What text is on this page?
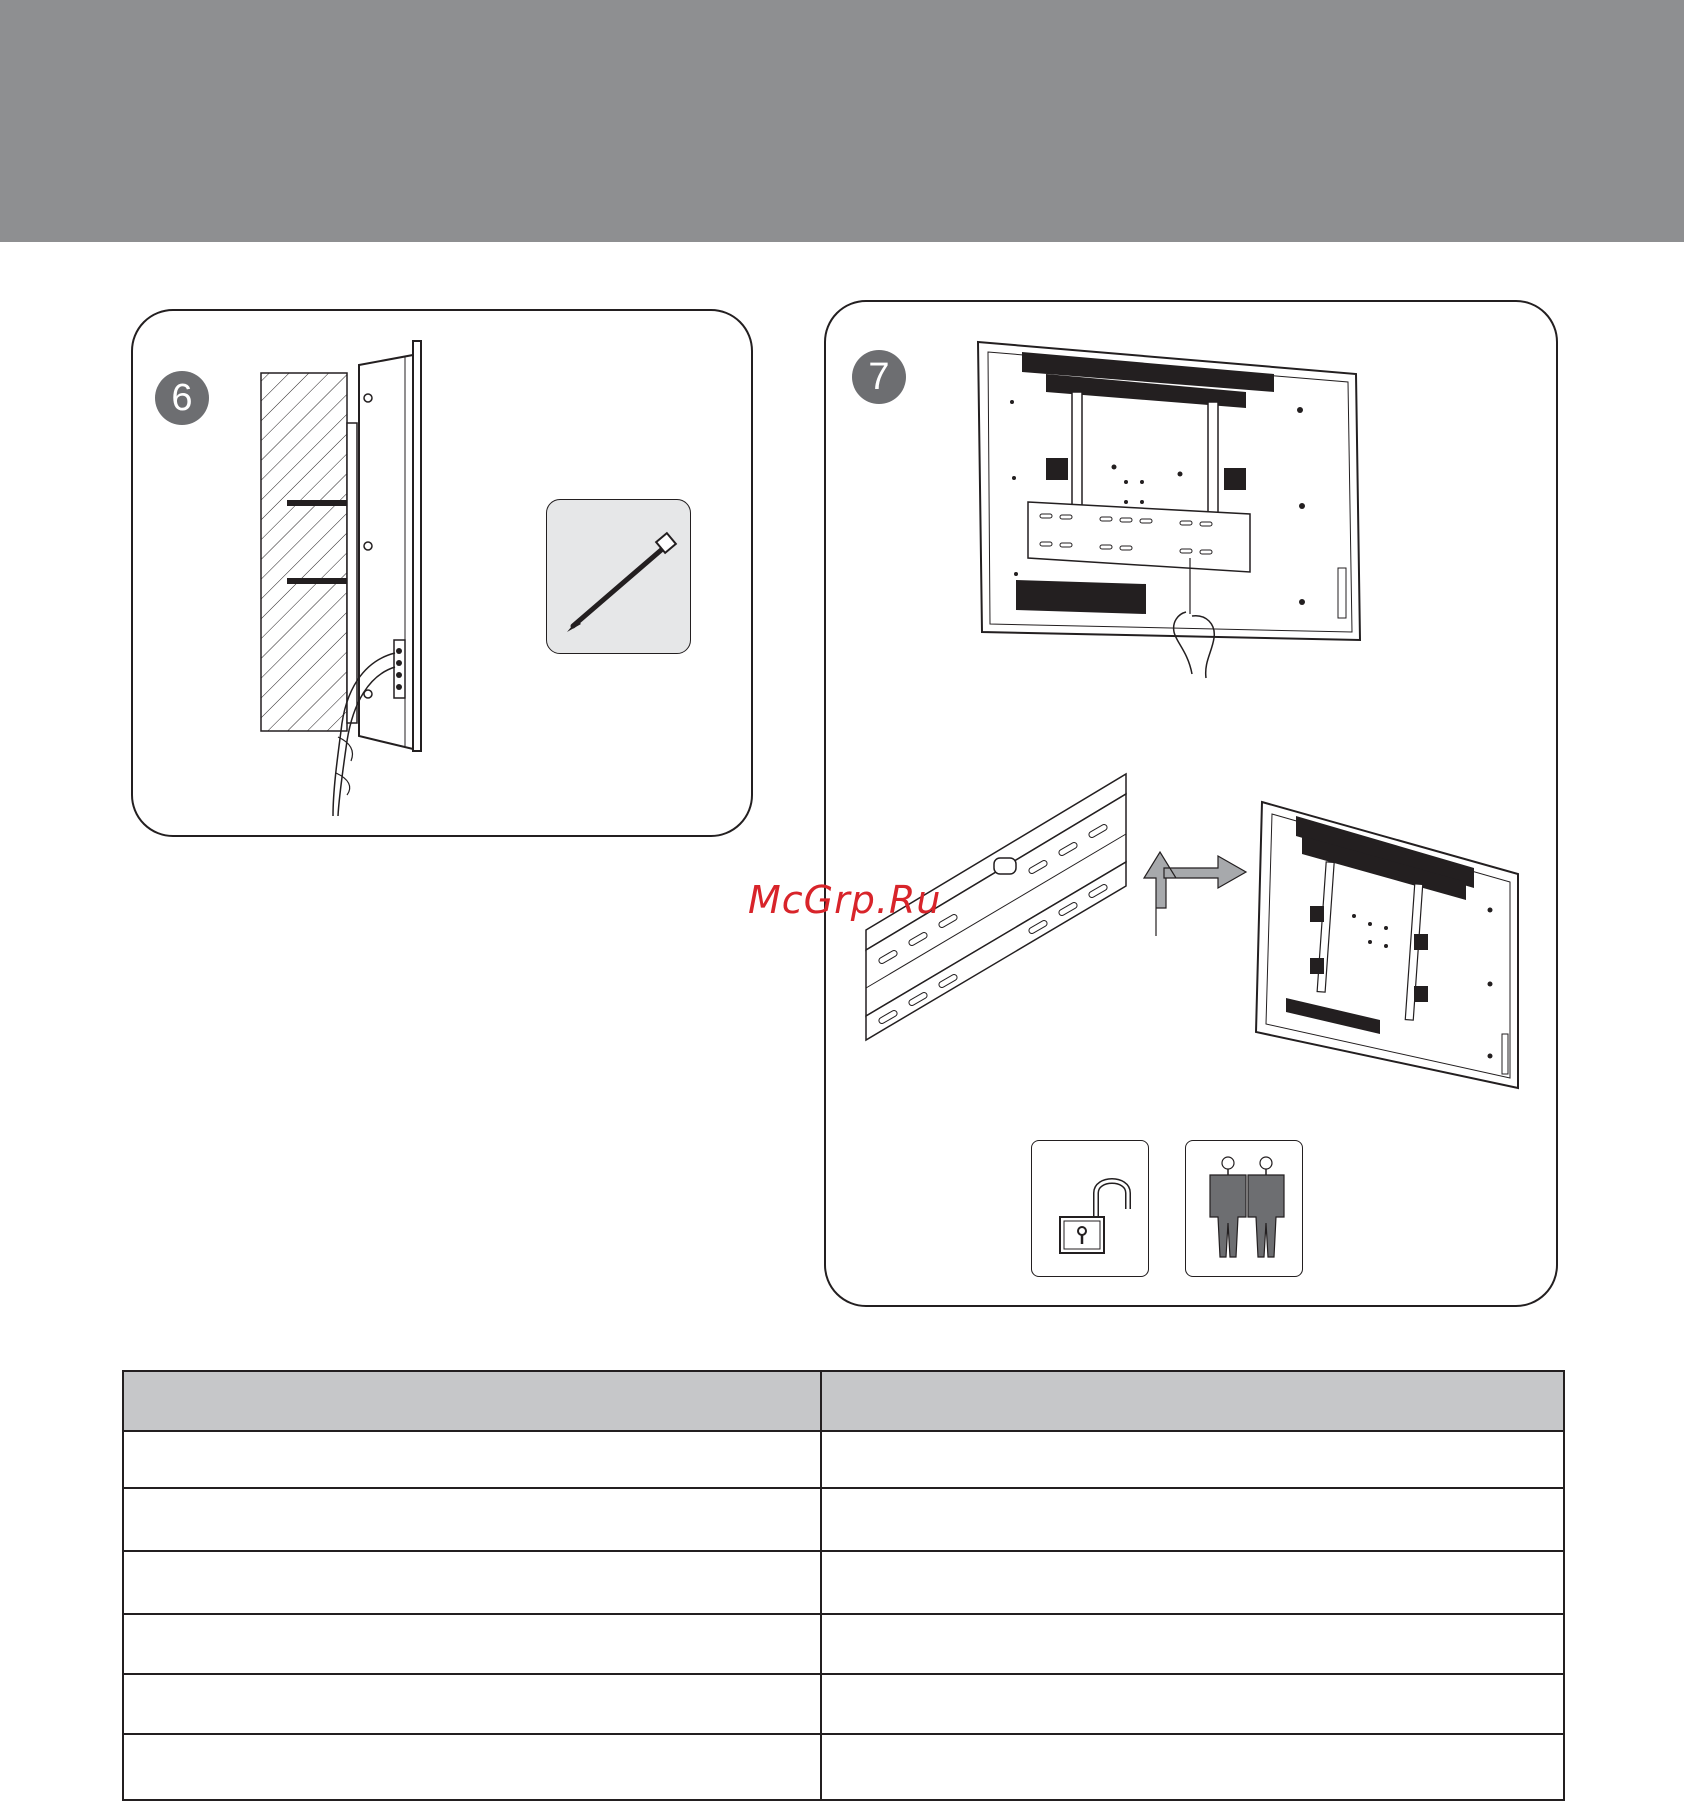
6	7
McGrp.Ru
